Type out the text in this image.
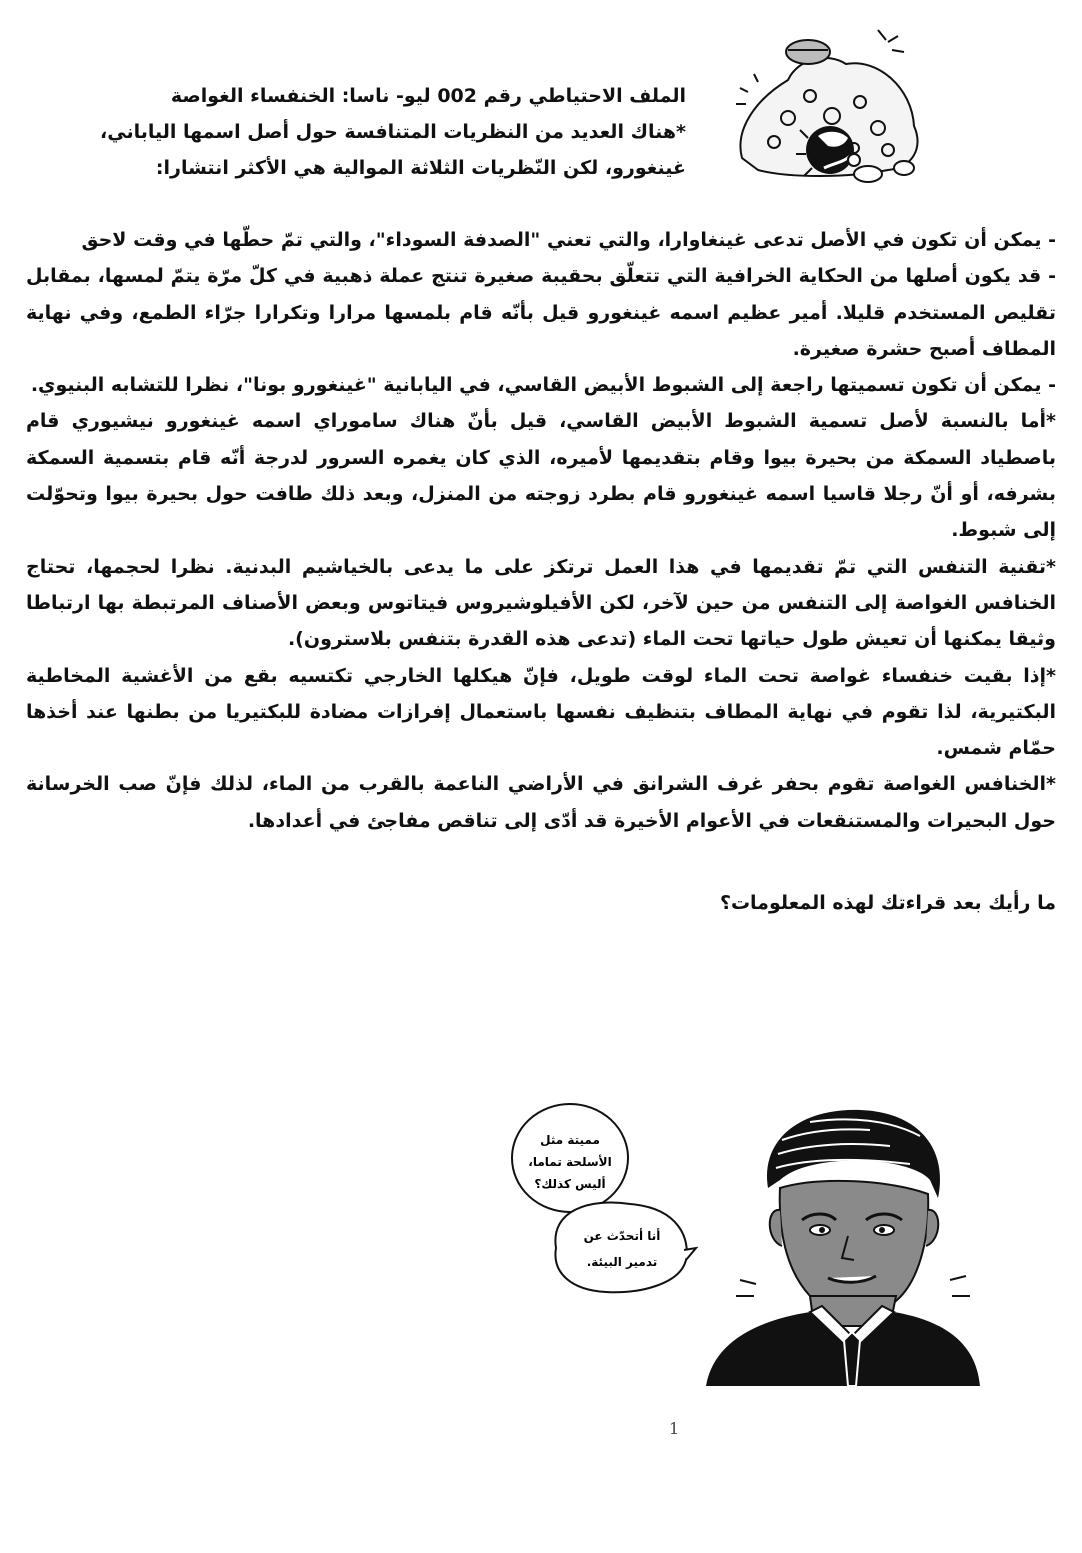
الملف الاحتياطي رقم 002 ليو- ناسا: الخنفساء الغواصة
*هناك العديد من النظريات المتنافسة حول أصل اسمها الياباني،
غينغورو، لكن النّظريات الثلاثة الموالية هي الأكثر انتشارا:

- يمكن أن تكون في الأصل تدعى غينغاوارا، والتي تعني "الصدفة السوداء"، والتي تمّ حطّها في وقت لاحق

- قد يكون أصلها من الحكاية الخرافية التي تتعلّق بحقيبة صغيرة تنتج عملة ذهبية في كلّ مرّة يتمّ لمسها، بمقابل تقليص المستخدم قليلا. أمير عظيم اسمه غينغورو قيل بأنّه قام بلمسها مرارا وتكرارا جرّاء الطمع، وفي نهاية المطاف أصبح حشرة صغيرة.

- يمكن أن تكون تسميتها راجعة إلى الشبوط الأبيض القاسي، في اليابانية "غينغورو بونا"، نظرا للتشابه البنيوي.

*أما بالنسبة لأصل تسمية الشبوط الأبيض القاسي، قيل بأنّ هناك ساموراي اسمه غينغورو نيشيوري قام باصطياد السمكة من بحيرة بيوا وقام بتقديمها لأميره، الذي كان يغمره السرور لدرجة أنّه قام بتسمية السمكة بشرفه، أو أنّ رجلا قاسيا اسمه غينغورو قام بطرد زوجته من المنزل، وبعد ذلك طافت حول بحيرة بيوا وتحوّلت إلى شبوط.

*تقنية التنفس التي تمّ تقديمها في هذا العمل ترتكز على ما يدعى بالخياشيم البدنية. نظرا لحجمها، تحتاج الخنافس الغواصة إلى التنفس من حين لآخر، لكن الأفيلوشيروس فيتاتوس وبعض الأصناف المرتبطة بها ارتباطا وثيقا يمكنها أن تعيش طول حياتها تحت الماء (تدعى هذه القدرة بتنفس بلاسترون).

*إذا بقيت خنفساء غواصة تحت الماء لوقت طويل، فإنّ هيكلها الخارجي تكتسيه بقع من الأغشية المخاطية البكتيرية، لذا تقوم في نهاية المطاف بتنظيف نفسها باستعمال إفرازات مضادة للبكتيريا من بطنها عند أخذها حمّام شمس.

*الخنافس الغواصة تقوم بحفر غرف الشرانق في الأراضي الناعمة بالقرب من الماء، لذلك فإنّ صب الخرسانة حول البحيرات والمستنقعات في الأعوام الأخيرة قد أدّى إلى تناقص مفاجئ في أعدادها.

ما رأيك بعد قراءتك لهذه المعلومات؟
مميتة مثل
الأسلحة تماما،
أليس كذلك؟
أنا أتحدّث عن
تدمير البيئة.
1
